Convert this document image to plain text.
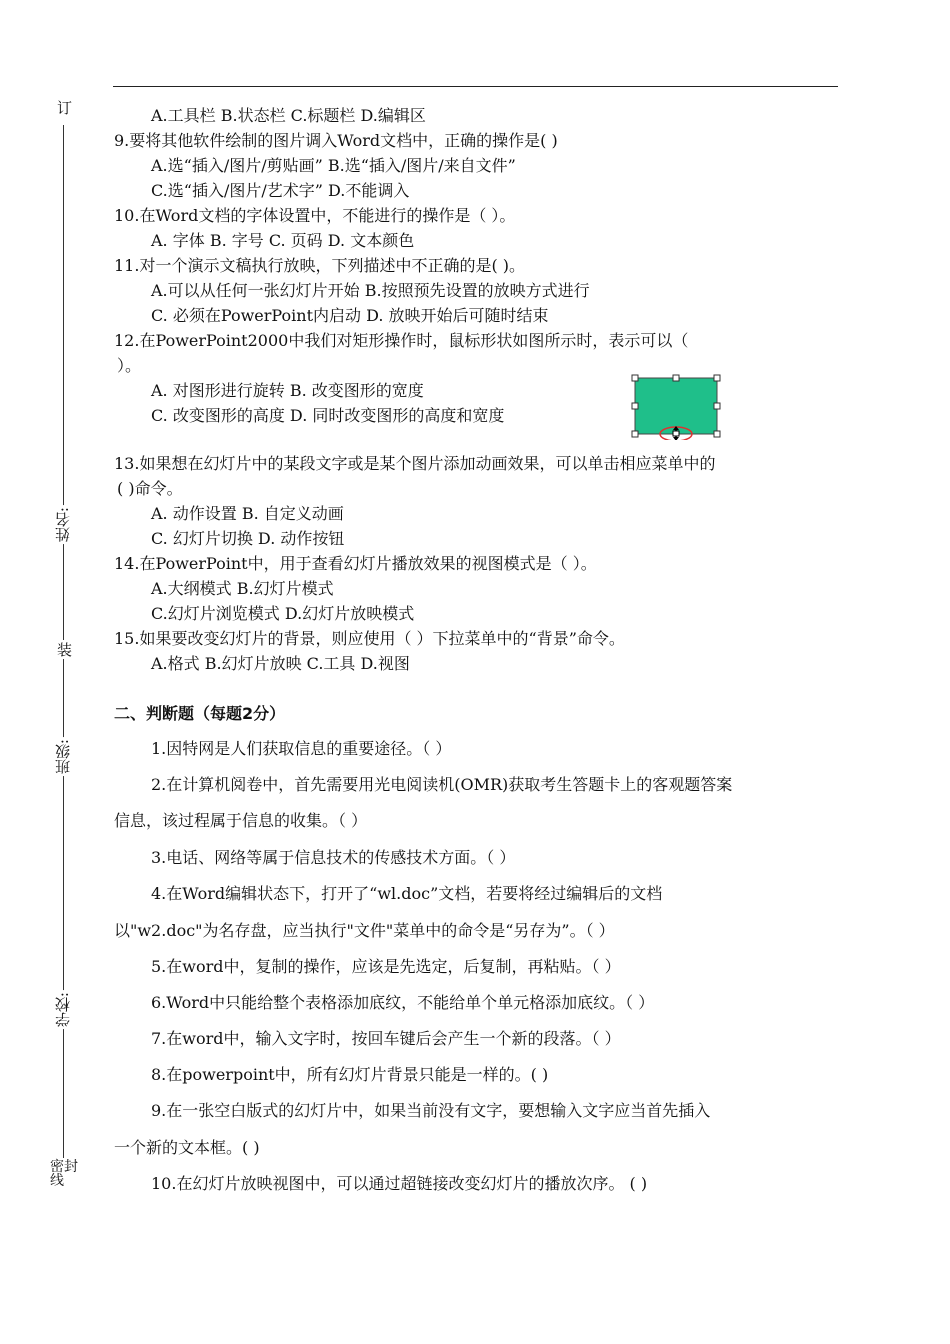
订
姓名:
装
班级:
学校:
密封线
A.工具栏 B.状态栏 C.标题栏 D.编辑区
9.要将其他软件绘制的图片调入Word文档中，正确的操作是( )
A.选“插入/图片/剪贴画” B.选“插入/图片/来自文件”
C.选“插入/图片/艺术字” D.不能调入
10.在Word文档的字体设置中，不能进行的操作是（ ）。
A. 字体 B. 字号 C. 页码 D. 文本颜色
11.对一个演示文稿执行放映，下列描述中不正确的是( )。
A.可以从任何一张幻灯片开始 B.按照预先设置的放映方式进行
C. 必须在PowerPoint内启动 D. 放映开始后可随时结束
12.在PowerPoint2000中我们对矩形操作时，鼠标形状如图所示时，表示可以（
）。
A. 对图形进行旋转 B. 改变图形的宽度
C. 改变图形的高度 D. 同时改变图形的高度和宽度
13.如果想在幻灯片中的某段文字或是某个图片添加动画效果，可以单击相应菜单中的
( )命令。
A. 动作设置 B. 自定义动画
C. 幻灯片切换 D. 动作按钮
14.在PowerPoint中，用于查看幻灯片播放效果的视图模式是（ ）。
A.大纲模式 B.幻灯片模式
C.幻灯片浏览模式 D.幻灯片放映模式
15.如果要改变幻灯片的背景，则应使用（ ）下拉菜单中的“背景”命令。
A.格式 B.幻灯片放映 C.工具 D.视图
二、判断题（每题2分）
1.因特网是人们获取信息的重要途径。（ ）
2.在计算机阅卷中，首先需要用光电阅读机(OMR)获取考生答题卡上的客观题答案
信息，该过程属于信息的收集。（ ）
3.电话、网络等属于信息技术的传感技术方面。（ ）
4.在Word编辑状态下，打开了“wl.doc”文档，若要将经过编辑后的文档
以"w2.doc"为名存盘，应当执行"文件"菜单中的命令是“另存为”。（ ）
5.在word中，复制的操作，应该是先选定，后复制，再粘贴。（ ）
6.Word中只能给整个表格添加底纹，不能给单个单元格添加底纹。（ ）
7.在word中，输入文字时，按回车键后会产生一个新的段落。（ ）
8.在powerpoint中，所有幻灯片背景只能是一样的。( )
9.在一张空白版式的幻灯片中，如果当前没有文字，要想输入文字应当首先插入
一个新的文本框。( )
10.在幻灯片放映视图中，可以通过超链接改变幻灯片的播放次序。 ( )
